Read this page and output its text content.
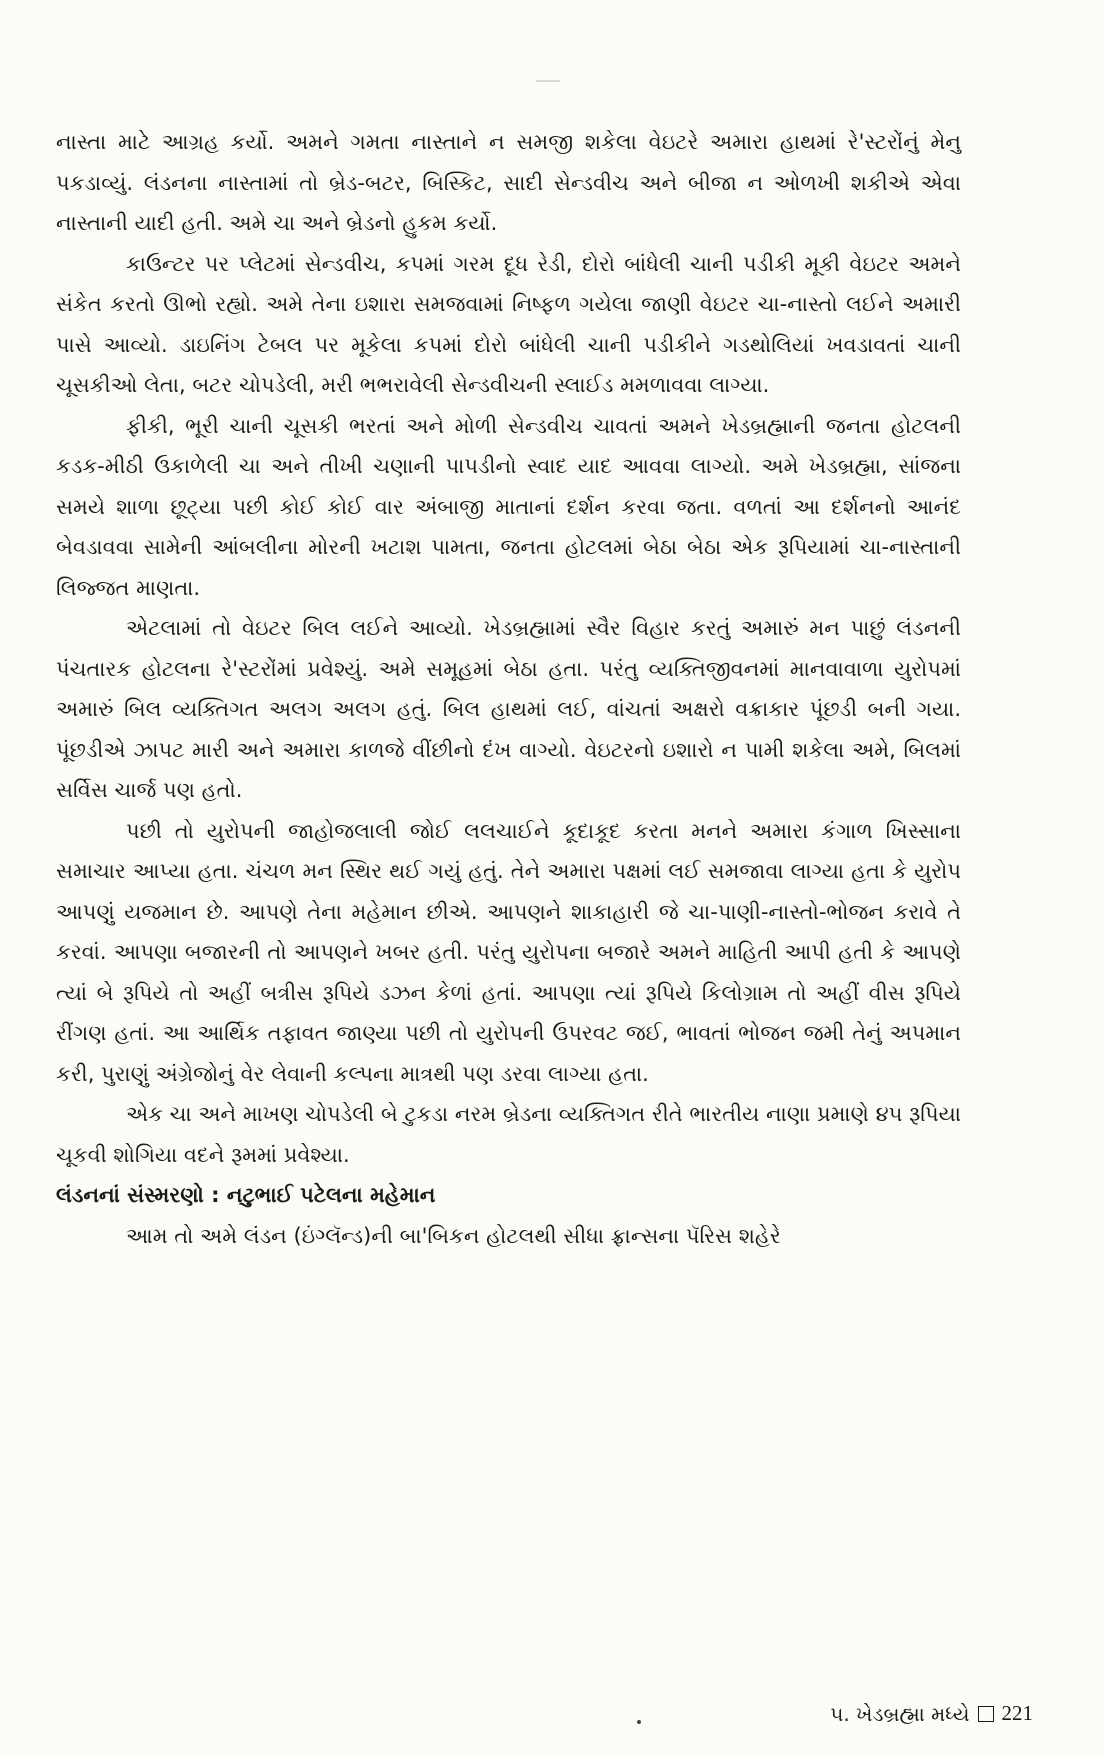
નાસ્તા માટે આગ્રહ કર્યો. અમને ગમતા નાસ્તાને ન સમજી શકેલા વેઇટરે અમારા હાથમાં રે'સ્ટરોંનું મેનુ પકડાવ્યું. લંડનના નાસ્તામાં તો બ્રેડ-બટર, બિસ્કિટ, સાદી સેન્ડવીચ અને બીજા ન ઓળખી શકીએ એવા નાસ્તાની યાદી હતી. અમે ચા અને બ્રેડનો હુકમ કર્યો.

કાઉન્ટર પર પ્લેટમાં સેન્ડવીચ, કપમાં ગરમ દૂધ રેડી, દોરો બાંધેલી ચાની પડીકી મૂકી વેઇટર અમને સંકેત કરતો ઊભો રહ્યો. અમે તેના ઇશારા સમજવામાં નિષ્ફળ ગયેલા જાણી વેઇટર ચા-નાસ્તો લઈને અમારી પાસે આવ્યો. ડાઇનિંગ ટેબલ પર મૂકેલા કપમાં દોરો બાંધેલી ચાની પડીકીને ગડથોલિયાં ખવડાવતાં ચાની ચૂસકીઓ લેતા, બટર ચોપડેલી, મરી ભભરાવેલી સેન્ડવીચની સ્લાઈડ મમળાવવા લાગ્યા.

ફીકી, ભૂરી ચાની ચૂસકી ભરતાં અને મોળી સેન્ડવીચ ચાવતાં અમને ખેડબ્રહ્માની જનતા હોટલની કડક-મીઠી ઉકાળેલી ચા અને તીખી ચણાની પાપડીનો સ્વાદ યાદ આવવા લાગ્યો. અમે ખેડબ્રહ્મા, સાંજના સમયે શાળા છૂટ્યા પછી કોઈ કોઈ વાર અંબાજી માતાનાં દર્શન કરવા જતા. વળતાં આ દર્શનનો આનંદ બેવડાવવા સામેની આંબલીના મોરની ખટાશ પામતા, જનતા હોટલમાં બેઠા બેઠા એક રૂપિયામાં ચા-નાસ્તાની લિજ્જત માણતા.

એટલામાં તો વેઇટર બિલ લઈને આવ્યો. ખેડબ્રહ્મામાં સ્વૈર વિહાર કરતું અમારું મન પાછું લંડનની પંચતારક હોટલના રે'સ્ટરોંમાં પ્રવેશ્યું. અમે સમૂહમાં બેઠા હતા. પરંતુ વ્યક્તિજીવનમાં માનવાવાળા યુરોપમાં અમારું બિલ વ્યક્તિગત અલગ અલગ હતું. બિલ હાથમાં લઈ, વાંચતાં અક્ષરો વક્રાકાર પૂંછડી બની ગયા. પૂંછડીએ ઝાપટ મારી અને અમારા કાળજે વીંછીનો દંખ વાગ્યો. વેઇટરનો ઇશારો ન પામી શકેલા અમે, બિલમાં સર્વિસ ચાર્જ પણ હતો.

પછી તો યુરોપની જાહોજલાલી જોઈ લલચાઈને કૂદાકૂદ કરતા મનને અમારા કંગાળ ખિસ્સાના સમાચાર આપ્યા હતા. ચંચળ મન સ્થિર થઈ ગયું હતું. તેને અમારા પક્ષમાં લઈ સમજાવા લાગ્યા હતા કે યુરોપ આપણું યજમાન છે. આપણે તેના મહેમાન છીએ. આપણને શાકાહારી જે ચા-પાણી-નાસ્તો-ભોજન કરાવે તે કરવાં. આપણા બજારની તો આપણને ખબર હતી. પરંતુ યુરોપના બજારે અમને માહિતી આપી હતી કે આપણે ત્યાં બે રૂપિયે તો અહીં બત્રીસ રૂપિયે ડઝન કેળાં હતાં. આપણા ત્યાં રૂપિયે કિલોગ્રામ તો અહીં વીસ રૂપિયે રીંગણ હતાં. આ આર્થિક તફાવત જાણ્યા પછી તો યુરોપની ઉપરવટ જઈ, ભાવતાં ભોજન જમી તેનું અપમાન કરી, પુરાણું અંગ્રેજોનું વેર લેવાની કલ્પના માત્રથી પણ ડરવા લાગ્યા હતા.

એક ચા અને માખણ ચોપડેલી બે ટુકડા નરમ બ્રેડના વ્યક્તિગત રીતે ભારતીય નાણા પ્રમાણે ૪૫ રૂપિયા ચૂકવી શોગિયા વદને રૂમમાં પ્રવેશ્યા.

લંડનનાં સંસ્મરણો : નટુભાઈ પટેલના મહેમાન

આમ તો અમે લંડન (ઇંગ્લૅન્ડ)ની બા'બિકન હોટલથી સીધા ફ્રાન્સના પૅરિસ શહેરે

૫. ખેડબ્રહ્મા મધ્યે 221
